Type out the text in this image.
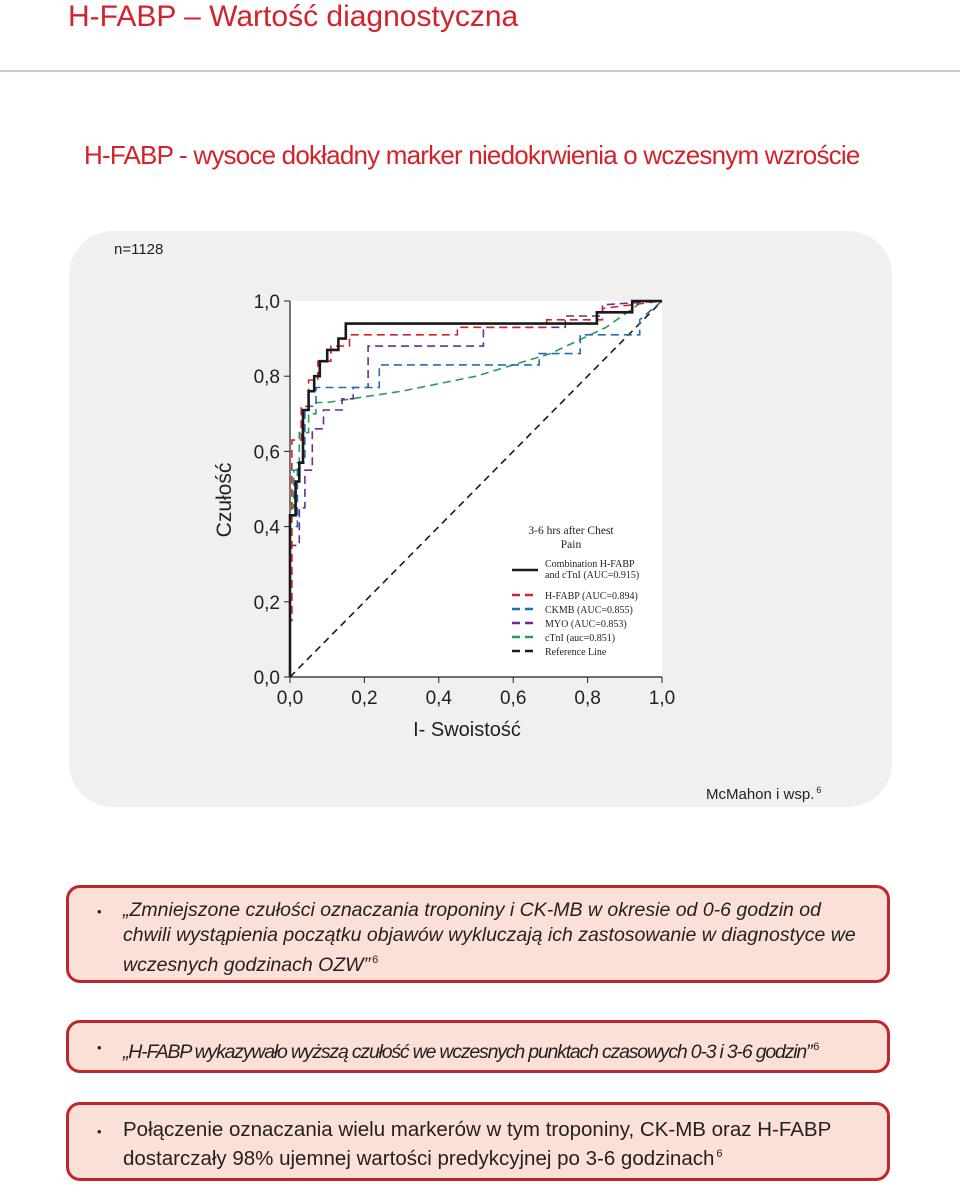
H-FABP – Wartość diagnostyczna
H-FABP - wysoce dokładny marker niedokrwienia o wczesnym wzroście
n=1128
0,0
0,2
0,4
0,6
0,8
1,0
0,0	0,2	0,4	0,6	0,8	1,0
I- Swoistość
Czułość	3-6 hrs after Chest Pain
Combination H-FABP and cTnI (AUC=0.915)
H-FABP (AUC=0.894)
CKMB (AUC=0.855)
MYO (AUC=0.853)
cTnI (auc=0.851)
Reference Line
McMahon i wsp. $^6$
• „Zmniejszone czułości oznaczania troponiny i CK-MB w okresie od 0-6 godzin od chwili wystąpienia początku objawów wykluczają ich zastosowanie w diagnostyce we wczesnych godzinach OZW” $^6$
• „H-FABP wykazywało wyższą czułość we wczesnych punktach czasowych 0-3 i 3-6 godzin” $^6$
• Połączenie oznaczania wielu markerów w tym troponiny, CK-MB oraz H-FABP dostarczały 98% ujemnej wartości predykcyjnej po 3-6 godzinach $^6$
